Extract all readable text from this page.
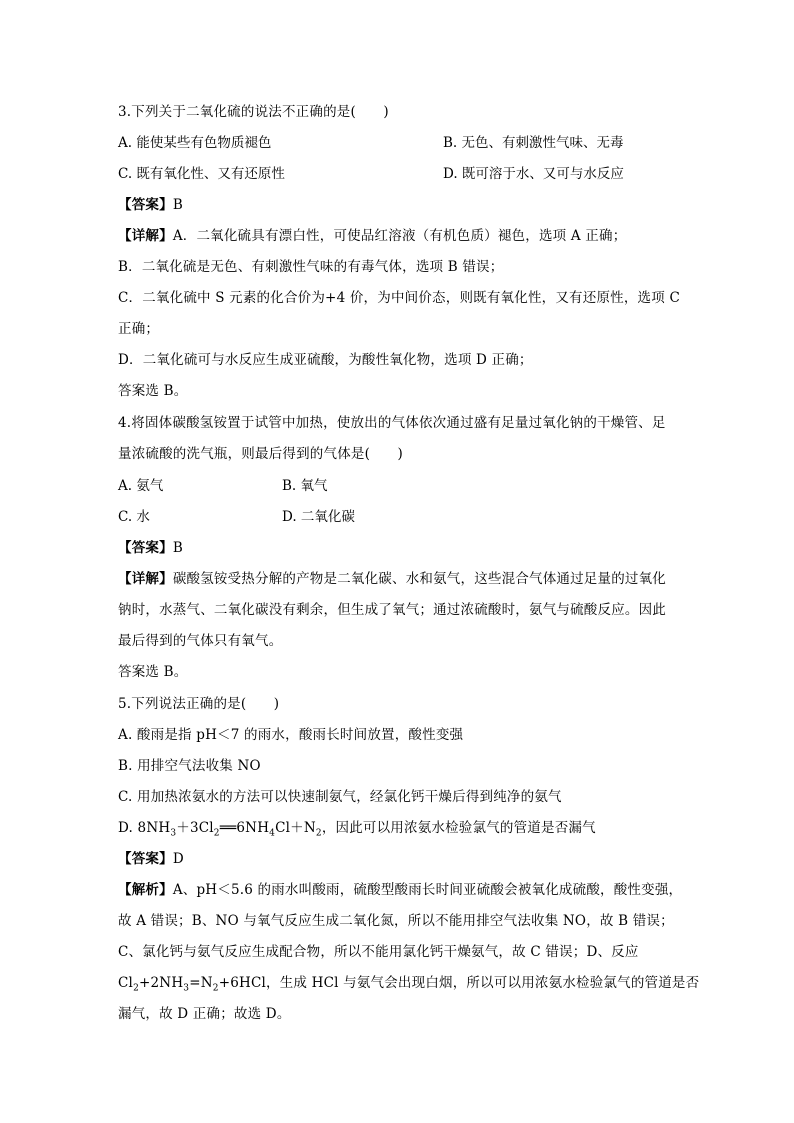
3.下列关于二氧化硫的说法不正确的是(　　)
A. 能使某些有色物质褪色	B. 无色、有刺激性气味、无毒
C. 既有氧化性、又有还原性	D. 既可溶于水、又可与水反应
【答案】B
【详解】A．二氧化硫具有漂白性，可使品红溶液（有机色质）褪色，选项 A 正确；
B．二氧化硫是无色、有刺激性气味的有毒气体，选项 B 错误；
C．二氧化硫中 S 元素的化合价为+4 价，为中间价态，则既有氧化性，又有还原性，选项 C
正确；
D．二氧化硫可与水反应生成亚硫酸，为酸性氧化物，选项 D 正确；
答案选 B。
4.将固体碳酸氢铵置于试管中加热，使放出的气体依次通过盛有足量过氧化钠的干燥管、足
量浓硫酸的洗气瓶，则最后得到的气体是(　　)
A. 氨气	B. 氧气
C. 水	D. 二氧化碳
【答案】B
【详解】碳酸氢铵受热分解的产物是二氧化碳、水和氨气，这些混合气体通过足量的过氧化
钠时，水蒸气、二氧化碳没有剩余，但生成了氧气；通过浓硫酸时，氨气与硫酸反应。因此
最后得到的气体只有氧气。
答案选 B。
5.下列说法正确的是(　　)
A. 酸雨是指 pH＜7 的雨水，酸雨长时间放置，酸性变强
B. 用排空气法收集 NO
C. 用加热浓氨水的方法可以快速制氨气，经氯化钙干燥后得到纯净的氨气
D. $8NH_3+3Cl_2══6NH_4Cl+N_2$，因此可以用浓氨水检验氯气的管道是否漏气
【答案】D
【解析】A、pH＜5.6 的雨水叫酸雨，硫酸型酸雨长时间亚硫酸会被氧化成硫酸，酸性变强，
故 A 错误；B、NO 与氧气反应生成二氧化氮，所以不能用排空气法收集 NO，故 B 错误；
C、氯化钙与氨气反应生成配合物，所以不能用氯化钙干燥氨气，故 C 错误；D、反应
$Cl_2+2NH_3=N_2+6HCl$，生成 HCl 与氨气会出现白烟，所以可以用浓氨水检验氯气的管道是否
漏气，故 D 正确；故选 D。
